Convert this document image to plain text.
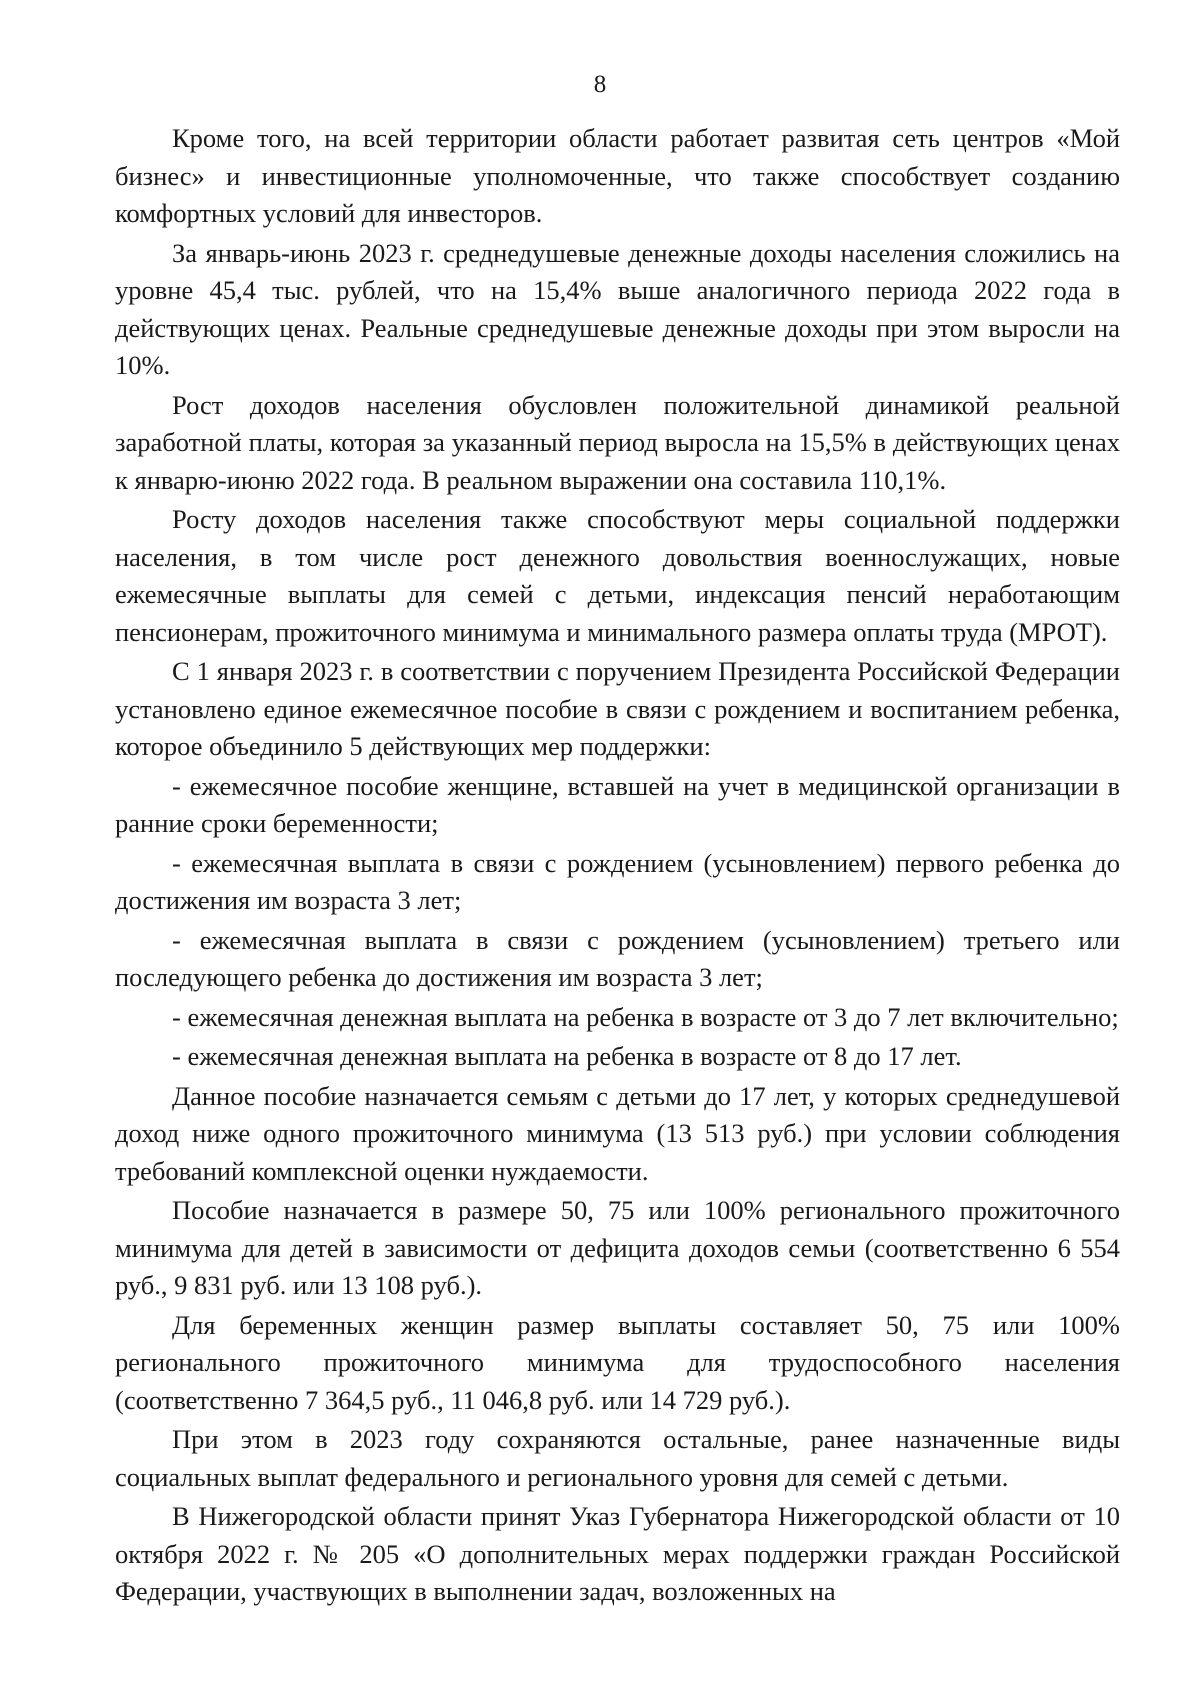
8

Кроме того, на всей территории области работает развитая сеть центров «Мой бизнес» и инвестиционные уполномоченные, что также способствует созданию комфортных условий для инвесторов.

За январь-июнь 2023 г. среднедушевые денежные доходы населения сложились на уровне 45,4 тыс. рублей, что на 15,4% выше аналогичного периода 2022 года в действующих ценах. Реальные среднедушевые денежные доходы при этом выросли на 10%.

Рост доходов населения обусловлен положительной динамикой реальной заработной платы, которая за указанный период выросла на 15,5% в действующих ценах к январю-июню 2022 года. В реальном выражении она составила 110,1%.

Росту доходов населения также способствуют меры социальной поддержки населения, в том числе рост денежного довольствия военнослужащих, новые ежемесячные выплаты для семей с детьми, индексация пенсий неработающим пенсионерам, прожиточного минимума и минимального размера оплаты труда (МРОТ).

С 1 января 2023 г. в соответствии с поручением Президента Российской Федерации установлено единое ежемесячное пособие в связи с рождением и воспитанием ребенка, которое объединило 5 действующих мер поддержки:

- ежемесячное пособие женщине, вставшей на учет в медицинской организации в ранние сроки беременности;

- ежемесячная выплата в связи с рождением (усыновлением) первого ребенка до достижения им возраста 3 лет;

- ежемесячная выплата в связи с рождением (усыновлением) третьего или последующего ребенка до достижения им возраста 3 лет;

- ежемесячная денежная выплата на ребенка в возрасте от 3 до 7 лет включительно;

- ежемесячная денежная выплата на ребенка в возрасте от 8 до 17 лет.

Данное пособие назначается семьям с детьми до 17 лет, у которых среднедушевой доход ниже одного прожиточного минимума (13 513 руб.) при условии соблюдения требований комплексной оценки нуждаемости.

Пособие назначается в размере 50, 75 или 100% регионального прожиточного минимума для детей в зависимости от дефицита доходов семьи (соответственно 6 554 руб., 9 831 руб. или 13 108 руб.).

Для беременных женщин размер выплаты составляет 50, 75 или 100% регионального прожиточного минимума для трудоспособного населения (соответственно 7 364,5 руб., 11 046,8 руб. или 14 729 руб.).

При этом в 2023 году сохраняются остальные, ранее назначенные виды социальных выплат федерального и регионального уровня для семей с детьми.

В Нижегородской области принят Указ Губернатора Нижегородской области от 10 октября 2022 г. № 205 «О дополнительных мерах поддержки граждан Российской Федерации, участвующих в выполнении задач, возложенных на
